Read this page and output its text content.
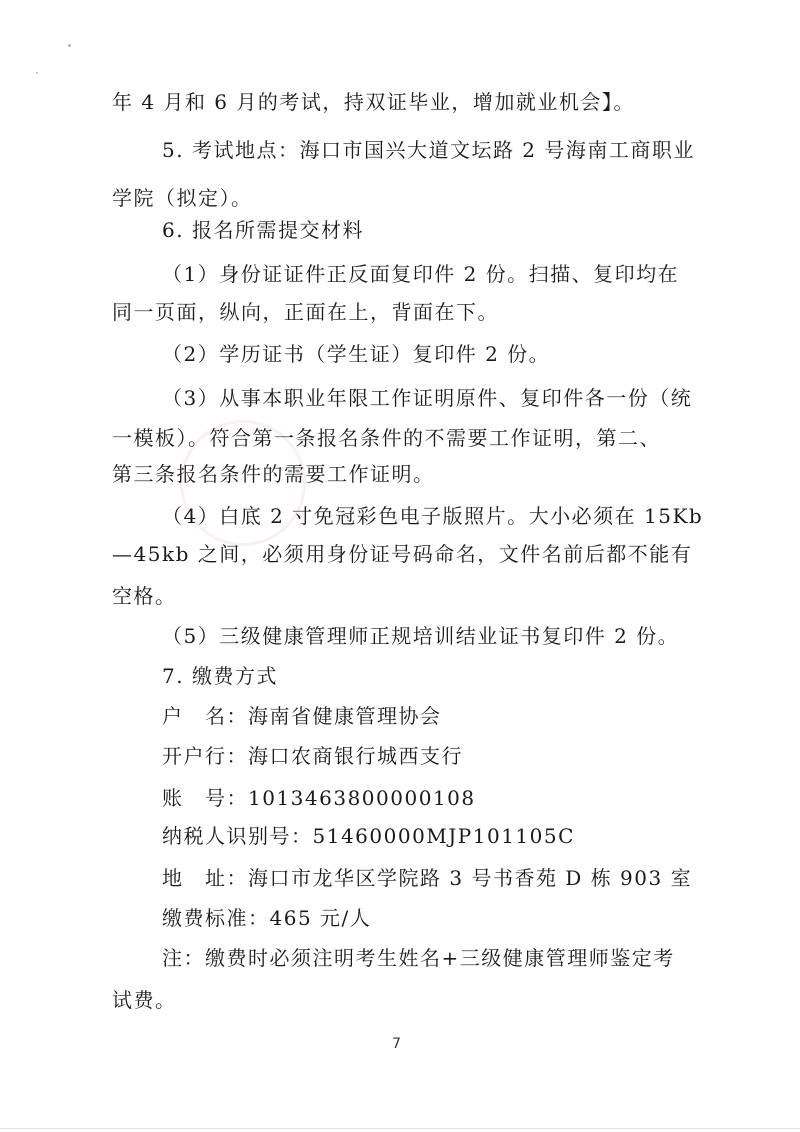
年 4 月和 6 月的考试，持双证毕业，增加就业机会】。
5. 考试地点：海口市国兴大道文坛路 2 号海南工商职业
学院（拟定）。
6. 报名所需提交材料
（1）身份证证件正反面复印件 2 份。扫描、复印均在
同一页面，纵向，正面在上，背面在下。
（2）学历证书（学生证）复印件 2 份。
（3）从事本职业年限工作证明原件、复印件各一份（统
一模板）。符合第一条报名条件的不需要工作证明，第二、
第三条报名条件的需要工作证明。
（4）白底 2 寸免冠彩色电子版照片。大小必须在 15Kb
—45kb 之间，必须用身份证号码命名，文件名前后都不能有
空格。
（5）三级健康管理师正规培训结业证书复印件 2 份。
7. 缴费方式
户　名：海南省健康管理协会
开户行：海口农商银行城西支行
账　号：1013463800000108
纳税人识别号：51460000MJP101105C
地　址：海口市龙华区学院路 3 号书香苑 D 栋 903 室
缴费标准：465 元/人
注：缴费时必须注明考生姓名+三级健康管理师鉴定考
试费。
7
